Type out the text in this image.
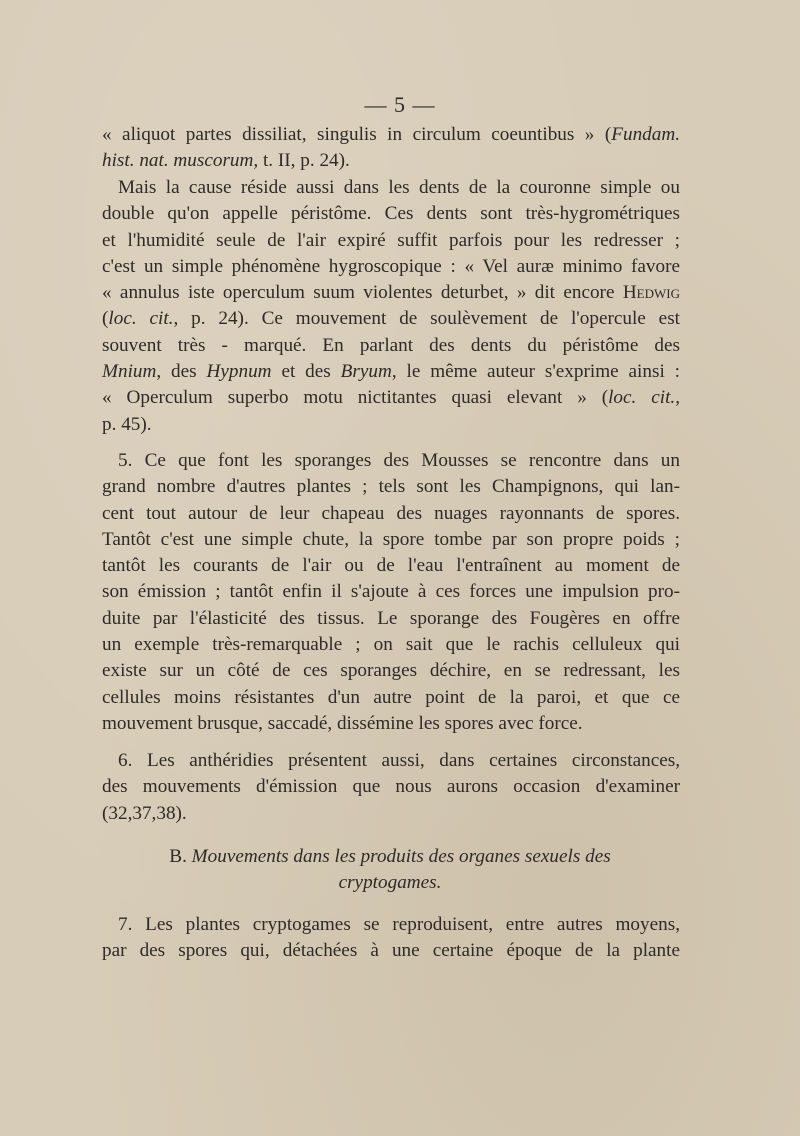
— 5 —
« aliquot partes dissiliat, singulis in circulum coeuntibus » (Fundam.
hist. nat. muscorum, t. II, p. 24).
Mais la cause réside aussi dans les dents de la couronne simple ou
double qu'on appelle péristôme. Ces dents sont très-hygrométriques
et l'humidité seule de l'air expiré suffit parfois pour les redresser ;
c'est un simple phénomène hygroscopique : « Vel auræ minimo favore
« annulus iste operculum suum violentes deturbet, » dit encore Hedwig
(loc. cit., p. 24). Ce mouvement de soulèvement de l'opercule est
souvent très - marqué. En parlant des dents du péristôme des
Mnium, des Hypnum et des Bryum, le même auteur s'exprime ainsi :
« Operculum superbo motu nictitantes quasi elevant » (loc. cit.,
p. 45).
5. Ce que font les sporanges des Mousses se rencontre dans un
grand nombre d'autres plantes ; tels sont les Champignons, qui lan-
cent tout autour de leur chapeau des nuages rayonnants de spores.
Tantôt c'est une simple chute, la spore tombe par son propre poids ;
tantôt les courants de l'air ou de l'eau l'entraînent au moment de
son émission ; tantôt enfin il s'ajoute à ces forces une impulsion pro-
duite par l'élasticité des tissus. Le sporange des Fougères en offre
un exemple très-remarquable ; on sait que le rachis celluleux qui
existe sur un côté de ces sporanges déchire, en se redressant, les
cellules moins résistantes d'un autre point de la paroi, et que ce
mouvement brusque, saccadé, dissémine les spores avec force.
6. Les anthéridies présentent aussi, dans certaines circonstances,
des mouvements d'émission que nous aurons occasion d'examiner
(32,37,38).
B. Mouvements dans les produits des organes sexuels des
cryptogames.
7. Les plantes cryptogames se reproduisent, entre autres moyens,
par des spores qui, détachées à une certaine époque de la plante
